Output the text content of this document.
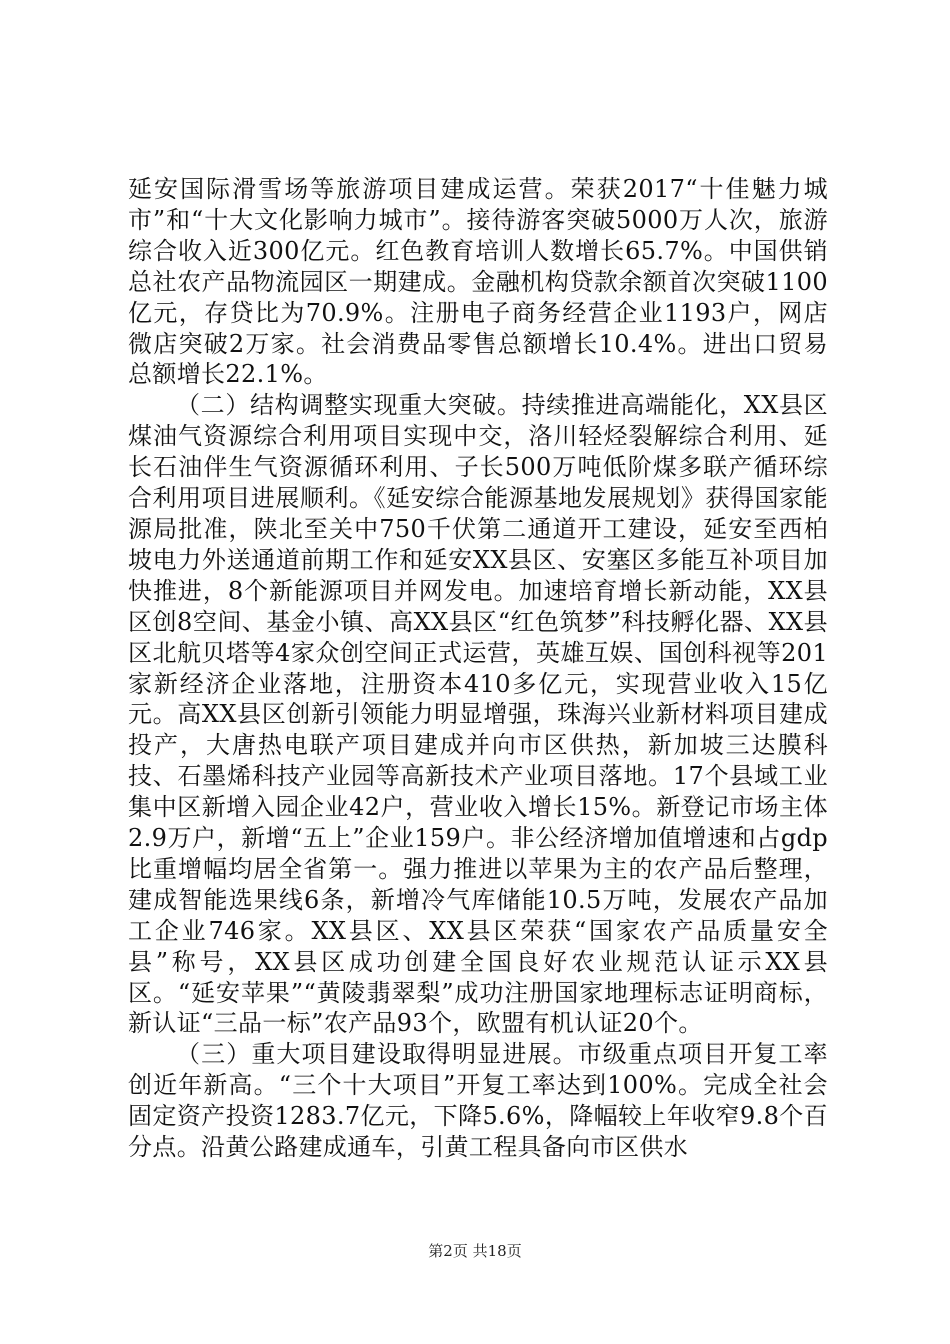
延安国际滑雪场等旅游项目建成运营。荣获2017“十佳魅力城市”和“十大文化影响力城市”。接待游客突破5000万人次，旅游综合收入近300亿元。红色教育培训人数增长65.7%。中国供销总社农产品物流园区一期建成。金融机构贷款余额首次突破1100亿元，存贷比为70.9%。注册电子商务经营企业1193户，网店微店突破2万家。社会消费品零售总额增长10.4%。进出口贸易总额增长22.1%。

（二）结构调整实现重大突破。持续推进高端能化，XX县区煤油气资源综合利用项目实现中交，洛川轻烃裂解综合利用、延长石油伴生气资源循环利用、子长500万吨低阶煤多联产循环综合利用项目进展顺利。《延安综合能源基地发展规划》获得国家能源局批准，陕北至关中750千伏第二通道开工建设，延安至西柏坡电力外送通道前期工作和延安XX县区、安塞区多能互补项目加快推进，8个新能源项目并网发电。加速培育增长新动能，XX县区创8空间、基金小镇、高XX县区“红色筑梦”科技孵化器、XX县区北航贝塔等4家众创空间正式运营，英雄互娱、国创科视等201家新经济企业落地，注册资本410多亿元，实现营业收入15亿元。高XX县区创新引领能力明显增强，珠海兴业新材料项目建成投产，大唐热电联产项目建成并向市区供热，新加坡三达膜科技、石墨烯科技产业园等高新技术产业项目落地。17个县域工业集中区新增入园企业42户，营业收入增长15%。新登记市场主体2.9万户，新增“五上”企业159户。非公经济增加值增速和占gdp比重增幅均居全省第一。强力推进以苹果为主的农产品后整理，建成智能选果线6条，新增冷气库储能10.5万吨，发展农产品加工企业746家。XX县区、XX县区荣获“国家农产品质量安全县”称号，XX县区成功创建全国良好农业规范认证示XX县区。“延安苹果”“黄陵翡翠梨”成功注册国家地理标志证明商标，新认证“三品一标”农产品93个，欧盟有机认证20个。

（三）重大项目建设取得明显进展。市级重点项目开复工率创近年新高。“三个十大项目”开复工率达到100%。完成全社会固定资产投资1283.7亿元，下降5.6%，降幅较上年收窄9.8个百分点。沿黄公路建成通车，引黄工程具备向市区供水

第2页 共18页
